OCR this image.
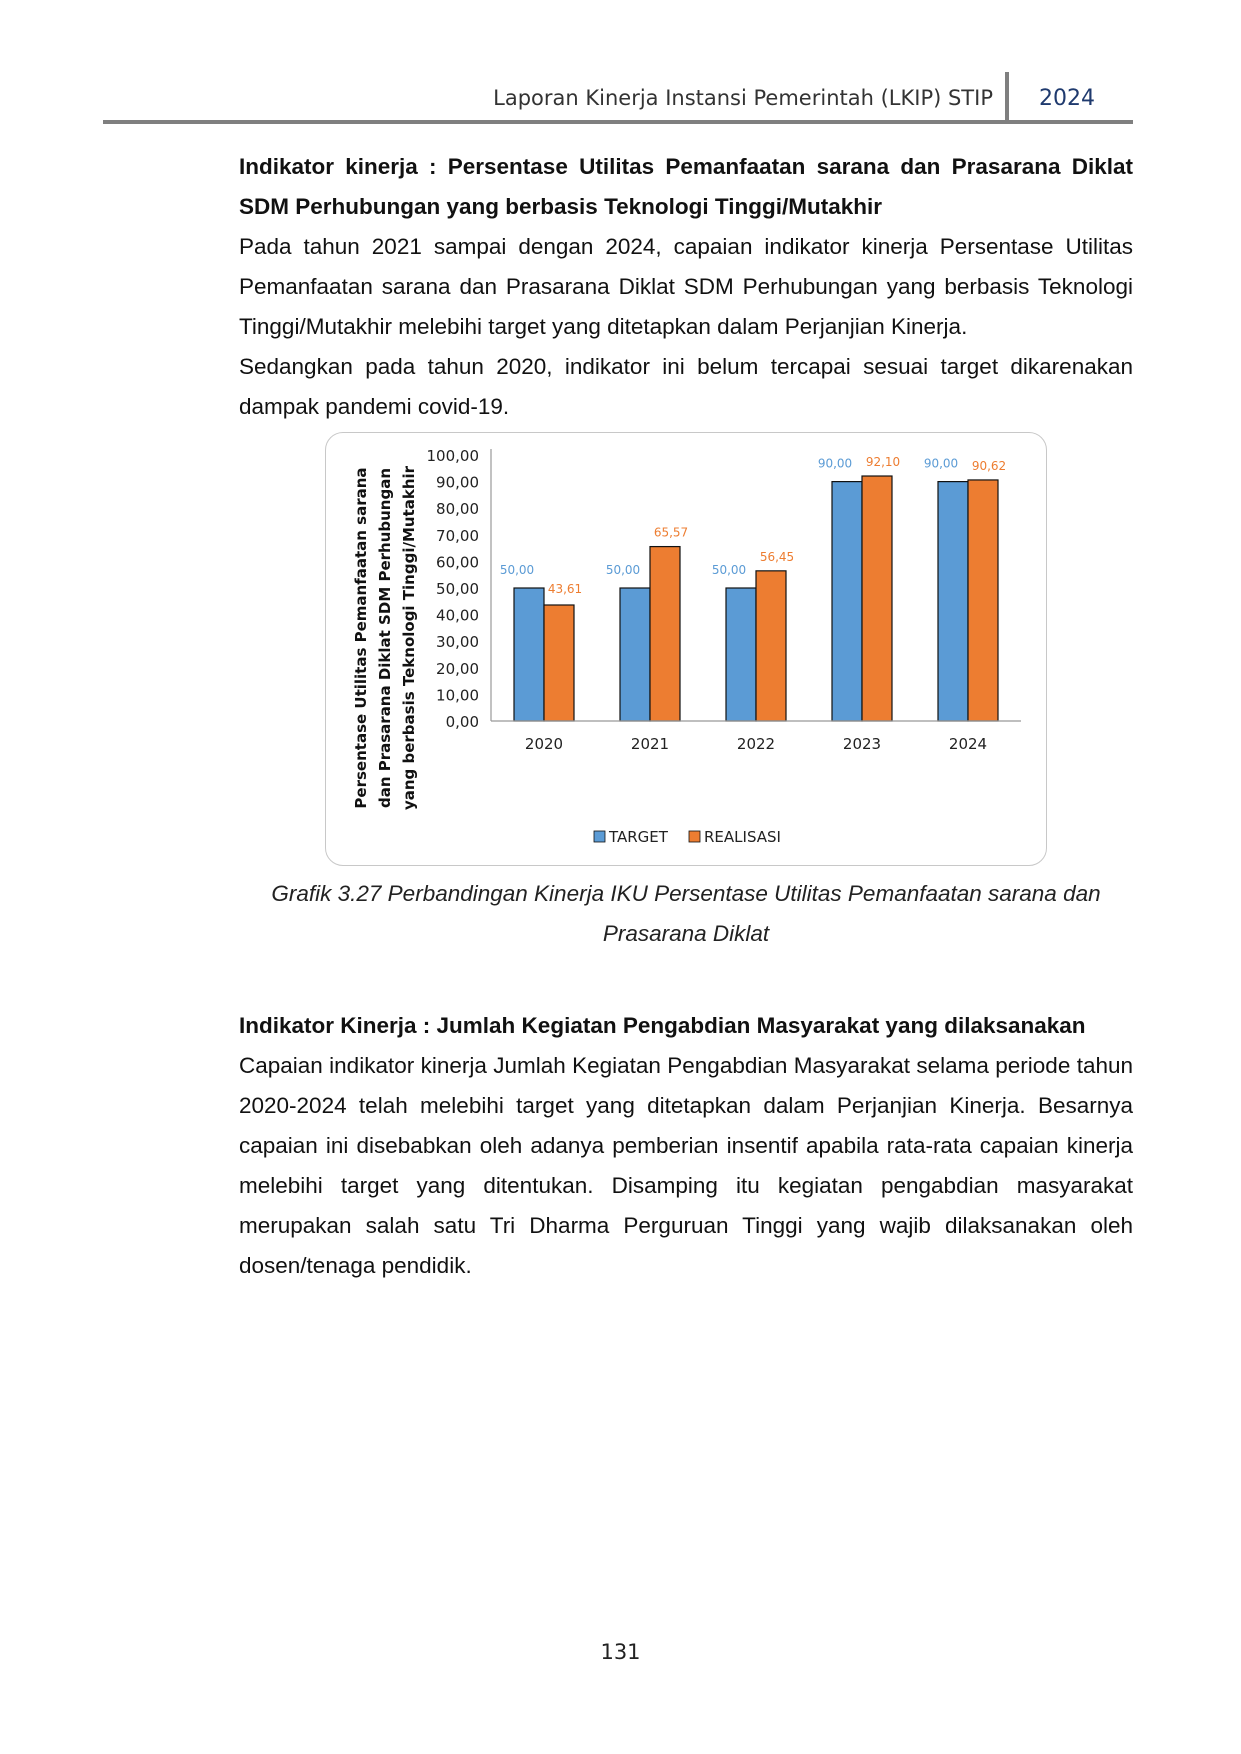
Laporan Kinerja Instansi Pemerintah (LKIP) STIP 2024

Indikator kinerja : Persentase Utilitas Pemanfaatan sarana dan Prasarana Diklat SDM Perhubungan yang berbasis Teknologi Tinggi/Mutakhir

Pada tahun 2021 sampai dengan 2024, capaian indikator kinerja Persentase Utilitas Pemanfaatan sarana dan Prasarana Diklat SDM Perhubungan yang berbasis Teknologi Tinggi/Mutakhir melebihi target yang ditetapkan dalam Perjanjian Kinerja.

Sedangkan pada tahun 2020, indikator ini belum tercapai sesuai target dikarenakan dampak pandemi covid-19.

Persentase Utilitas Pemanfaatan sarana dan Prasarana Diklat SDM Perhubungan yang berbasis Teknologi Tinggi/Mutakhir 0,00
10,00
20,00
30,00
40,00
50,00
60,00
70,00
80,00
90,00
100,00
50,00
43,61
50,00
65,57
50,00
56,45
90,00 92,10 90,00 90,62
2020	2021	2022	2023	2024
TARGET REALISASI
Grafik 3.27 Perbandingan Kinerja IKU Persentase Utilitas Pemanfaatan sarana dan Prasarana Diklat

Indikator Kinerja : Jumlah Kegiatan Pengabdian Masyarakat yang dilaksanakan

Capaian indikator kinerja Jumlah Kegiatan Pengabdian Masyarakat selama periode tahun 2020-2024 telah melebihi target yang ditetapkan dalam Perjanjian Kinerja. Besarnya capaian ini disebabkan oleh adanya pemberian insentif apabila rata-rata capaian kinerja melebihi target yang ditentukan. Disamping itu kegiatan pengabdian masyarakat merupakan salah satu Tri Dharma Perguruan Tinggi yang wajib dilaksanakan oleh dosen/tenaga pendidik.

131
